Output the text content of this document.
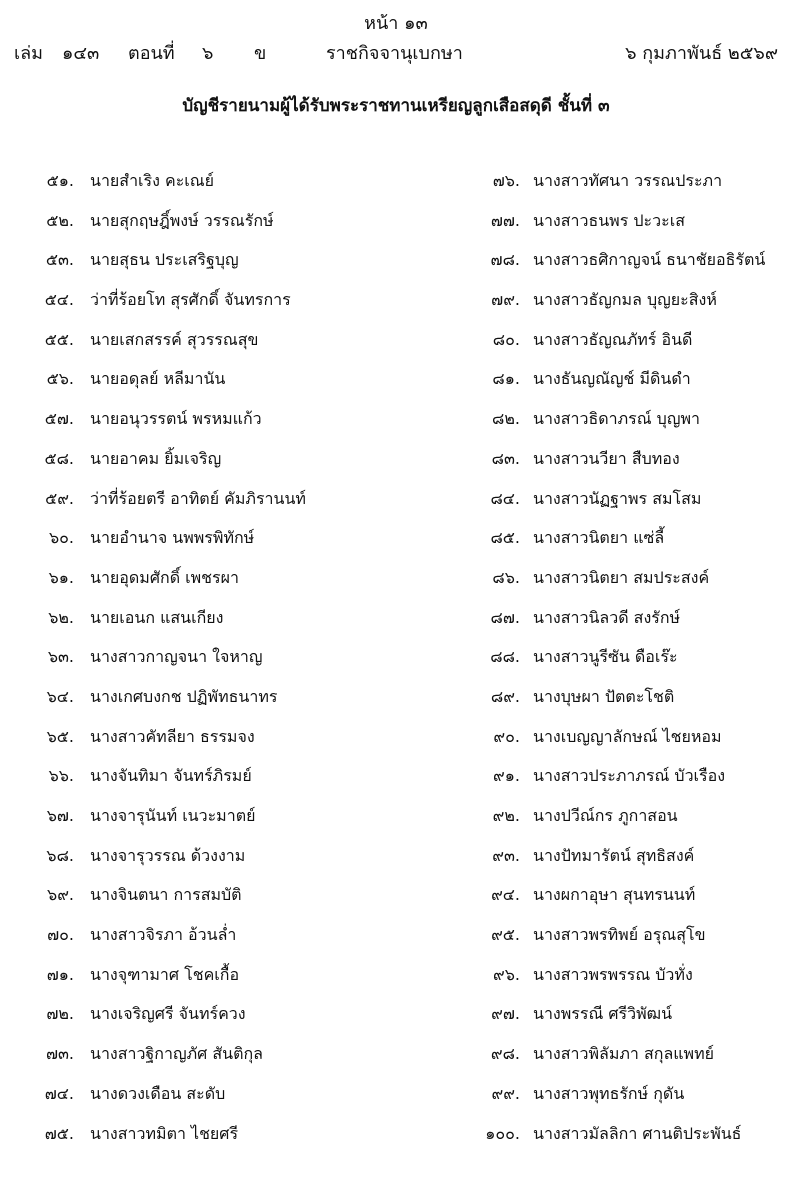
หน้า ๑๓
เล่ม ๑๔๓ ตอนที่ ๖ ข	ราชกิจจานุเบกษา	๖ กุมภาพันธ์ ๒๕๖๙
บัญชีรายนามผู้ได้รับพระราชทานเหรียญลูกเสือสดุดี ชั้นที่ ๓
๕๑. นายสำเริง คะเณย์
๕๒. นายสุกฤษฎิ์พงษ์ วรรณรักษ์
๕๓. นายสุธน ประเสริฐบุญ
๕๔. ว่าที่ร้อยโท สุรศักดิ์ จันทรการ
๕๕. นายเสกสรรค์ สุวรรณสุข
๕๖. นายอดุลย์ หลีมานัน
๕๗. นายอนุวรรตน์ พรหมแก้ว
๕๘. นายอาคม ยิ้มเจริญ
๕๙. ว่าที่ร้อยตรี อาทิตย์ คัมภิรานนท์
๖๐. นายอำนาจ นพพรพิทักษ์
๖๑. นายอุดมศักดิ์ เพชรผา
๖๒. นายเอนก แสนเกียง
๖๓. นางสาวกาญจนา ใจหาญ
๖๔. นางเกศบงกช ปฏิพัทธนาทร
๖๕. นางสาวคัทลียา ธรรมจง
๖๖. นางจันทิมา จันทร์ภิรมย์
๖๗. นางจารุนันท์ เนวะมาตย์
๖๘. นางจารุวรรณ ด้วงงาม
๖๙. นางจินตนา การสมบัติ
๗๐. นางสาวจิรภา อ้วนล่ำ
๗๑. นางจุฑามาศ โชคเกื้อ
๗๒. นางเจริญศรี จันทร์ควง
๗๓. นางสาวฐิกาญภัศ สันติกุล
๗๔. นางดวงเดือน สะดับ
๗๕. นางสาวทมิตา ไชยศรี
๗๖. นางสาวทัศนา วรรณประภา
๗๗. นางสาวธนพร ปะวะเส
๗๘. นางสาวธศิกาญจน์ ธนาชัยอธิรัตน์
๗๙. นางสาวธัญกมล บุญยะสิงห์
๘๐. นางสาวธัญณภัทร์ อินดี
๘๑. นางธันญณัญช์ มีดินดำ
๘๒. นางสาวธิดาภรณ์ บุญพา
๘๓. นางสาวนวียา สืบทอง
๘๔. นางสาวนัฏฐาพร สมโสม
๘๕. นางสาวนิตยา แซ่ลี้
๘๖. นางสาวนิตยา สมประสงค์
๘๗. นางสาวนิลวดี สงรักษ์
๘๘. นางสาวนูรีซัน ดือเร๊ะ
๘๙. นางบุษผา ปัตตะโชติ
๙๐. นางเบญญาลักษณ์ ไชยหอม
๙๑. นางสาวประภาภรณ์ บัวเรือง
๙๒. นางปวีณ์กร ภูกาสอน
๙๓. นางปัทมารัตน์ สุทธิสงค์
๙๔. นางผกาอุษา สุนทรนนท์
๙๕. นางสาวพรทิพย์ อรุณสุโข
๙๖. นางสาวพรพรรณ บัวทั่ง
๙๗. นางพรรณี ศรีวิพัฒน์
๙๘. นางสาวพิลัมภา สกุลแพทย์
๙๙. นางสาวพุทธรักษ์ กุดัน
๑๐๐. นางสาวมัลลิกา ศานติประพันธ์
